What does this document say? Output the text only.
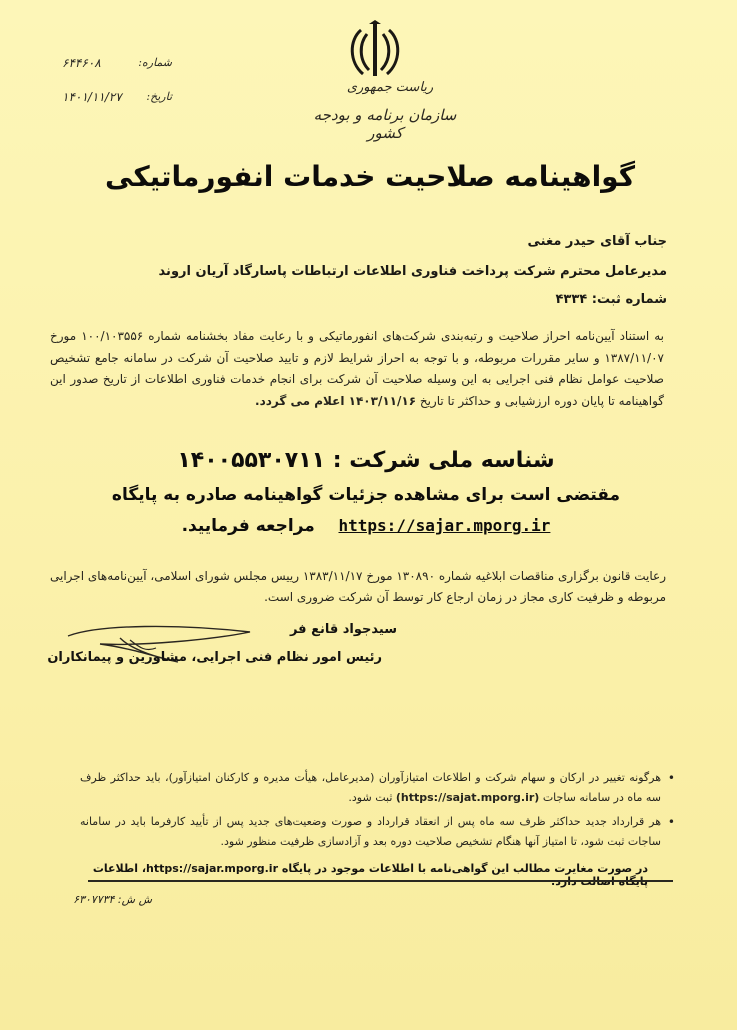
شماره:
۶۴۴۶۰۸
تاریخ:
۱۴۰۱/۱۱/۲۷
ریاست جمهوری
سازمان برنامه و بودجه کشور
گواهینامه صلاحیت خدمات انفورماتیکی
جناب آقای حیدر مغنی
مدیرعامل محترم شرکت پرداخت فناوری اطلاعات ارتباطات پاسارگاد آریان اروند
شماره ثبت: ۴۳۳۴
به استناد آیین‌نامه احراز صلاحیت و رتبه‌بندی شرکت‌های انفورماتیکی و با رعایت مفاد بخشنامه شماره ۱۰۰/۱۰۳۵۵۶ مورخ ۱۳۸۷/۱۱/۰۷ و سایر مقررات مربوطه، و با توجه به احراز شرایط لازم و تایید صلاحیت آن شرکت در سامانه جامع تشخیص صلاحیت عوامل نظام فنی اجرایی به این وسیله صلاحیت آن شرکت برای انجام خدمات فناوری اطلاعات از تاریخ صدور این گواهینامه تا پایان دوره ارزشیابی و حداکثر تا تاریخ ۱۴۰۳/۱۱/۱۶ اعلام می گردد.
شناسه ملی شرکت : ۱۴۰۰۵۵۳۰۷۱۱
مقتضی است برای مشاهده جزئیات گواهینامه صادره به پایگاه
https://sajar.mporg.ir    مراجعه فرمایید.
رعایت قانون برگزاری مناقصات ابلاغیه شماره ۱۳۰۸۹۰ مورخ ۱۳۸۳/۱۱/۱۷ رییس مجلس شورای اسلامی، آیین‌نامه‌های اجرایی مربوطه و ظرفیت کاری مجاز در زمان ارجاع کار توسط آن شرکت ضروری است.
سیدجواد قانع فر
رئیس امور نظام فنی اجرایی، مشاورین و پیمانکاران
•
هرگونه تغییر در ارکان و سهام شرکت و اطلاعات امتیازآوران (مدیرعامل، هیأت مدیره و کارکنان امتیازآور)، باید حداکثر ظرف سه ماه در سامانه ساجات (https://sajat.mporg.ir) ثبت شود.
•
هر قرارداد جدید حداکثر ظرف سه ماه پس از انعقاد قرارداد و صورت وضعیت‌های جدید پس از تأیید کارفرما باید در سامانه ساجات ثبت شود، تا امتیاز آنها هنگام تشخیص صلاحیت دوره بعد و آزادسازی ظرفیت منظور شود.
در صورت مغایرت مطالب این گواهی‌نامه با اطلاعات موجود در پایگاه https://sajar.mporg.ir، اطلاعات
ش ش: ۶۳۰۷۷۳۴
